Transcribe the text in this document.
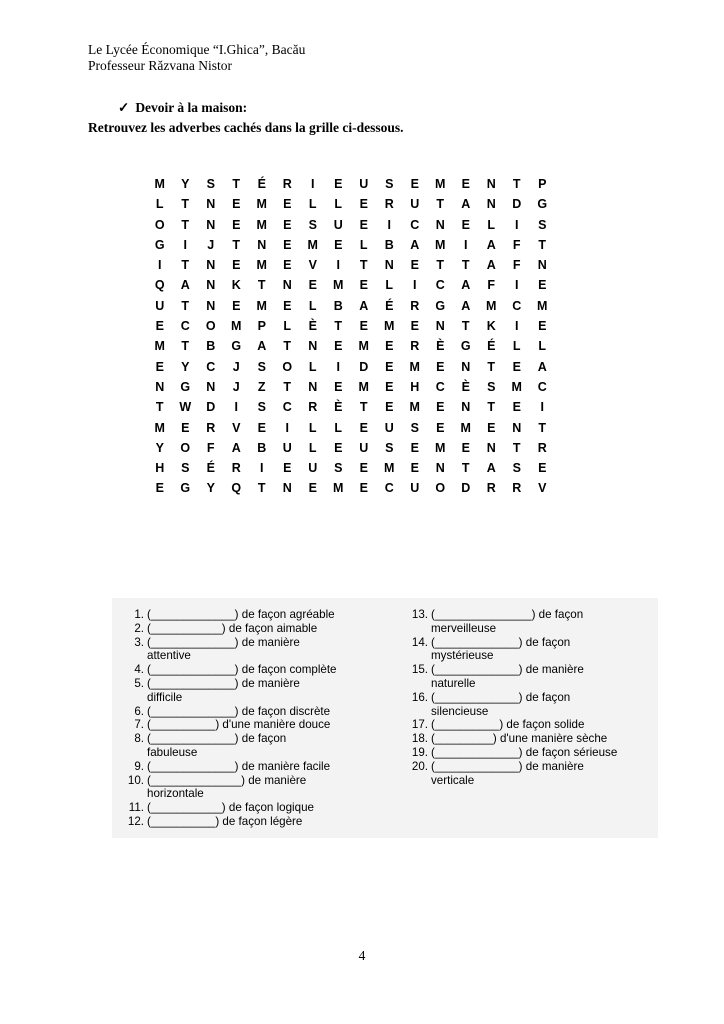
Le Lycée Économique “I.Ghica”, Bacău
Professeur Răzvana Nistor
✓ Devoir à la maison:
Retrouvez les adverbes cachés dans la grille ci-dessous.
M	Y	S	T	É	R	I	E	U	S	E	M	E	N	T	P
L	T	N	E	M	E	L	L	E	R	U	T	A	N	D	G
O	T	N	E	M	E	S	U	E	I	C	N	E	L	I	S
G	I	J	T	N	E	M	E	L	B	A	M	I	A	F	T
I	T	N	E	M	E	V	I	T	N	E	T	T	A	F	N
Q	A	N	K	T	N	E	M	E	L	I	C	A	F	I	E
U	T	N	E	M	E	L	B	A	É	R	G	A	M	C	M
E	C	O	M	P	L	È	T	E	M	E	N	T	K	I	E
M	T	B	G	A	T	N	E	M	E	R	È	G	É	L	L
E	Y	C	J	S	O	L	I	D	E	M	E	N	T	E	A
N	G	N	J	Z	T	N	E	M	E	H	C	È	S	M	C
T	W	D	I	S	C	R	È	T	E	M	E	N	T	E	I
M	E	R	V	E	I	L	L	E	U	S	E	M	E	N	T
Y	O	F	A	B	U	L	E	U	S	E	M	E	N	T	R
H	S	É	R	I	E	U	S	E	M	E	N	T	A	S	E
E	G	Y	Q	T	N	E	M	E	C	U	O	D	R	R	V
1. (_____________) de façon agréable
2. (___________) de façon aimable
3. (_____________) de manière
attentive
4. (_____________) de façon complète
5. (_____________) de manière
difficile
6. (_____________) de façon discrète
7. (__________) d'une manière douce
8. (_____________) de façon
fabuleuse
9. (_____________) de manière facile
10. (______________) de manière
horizontale
11. (___________) de façon logique
12. (__________) de façon légère
13. (_______________) de façon
merveilleuse
14. (_____________) de façon
mystérieuse
15. (_____________) de manière
naturelle
16. (_____________) de façon
silencieuse
17. (__________) de façon solide
18. (_________) d'une manière sèche
19. (_____________) de façon sérieuse
20. (_____________) de manière
verticale
4
